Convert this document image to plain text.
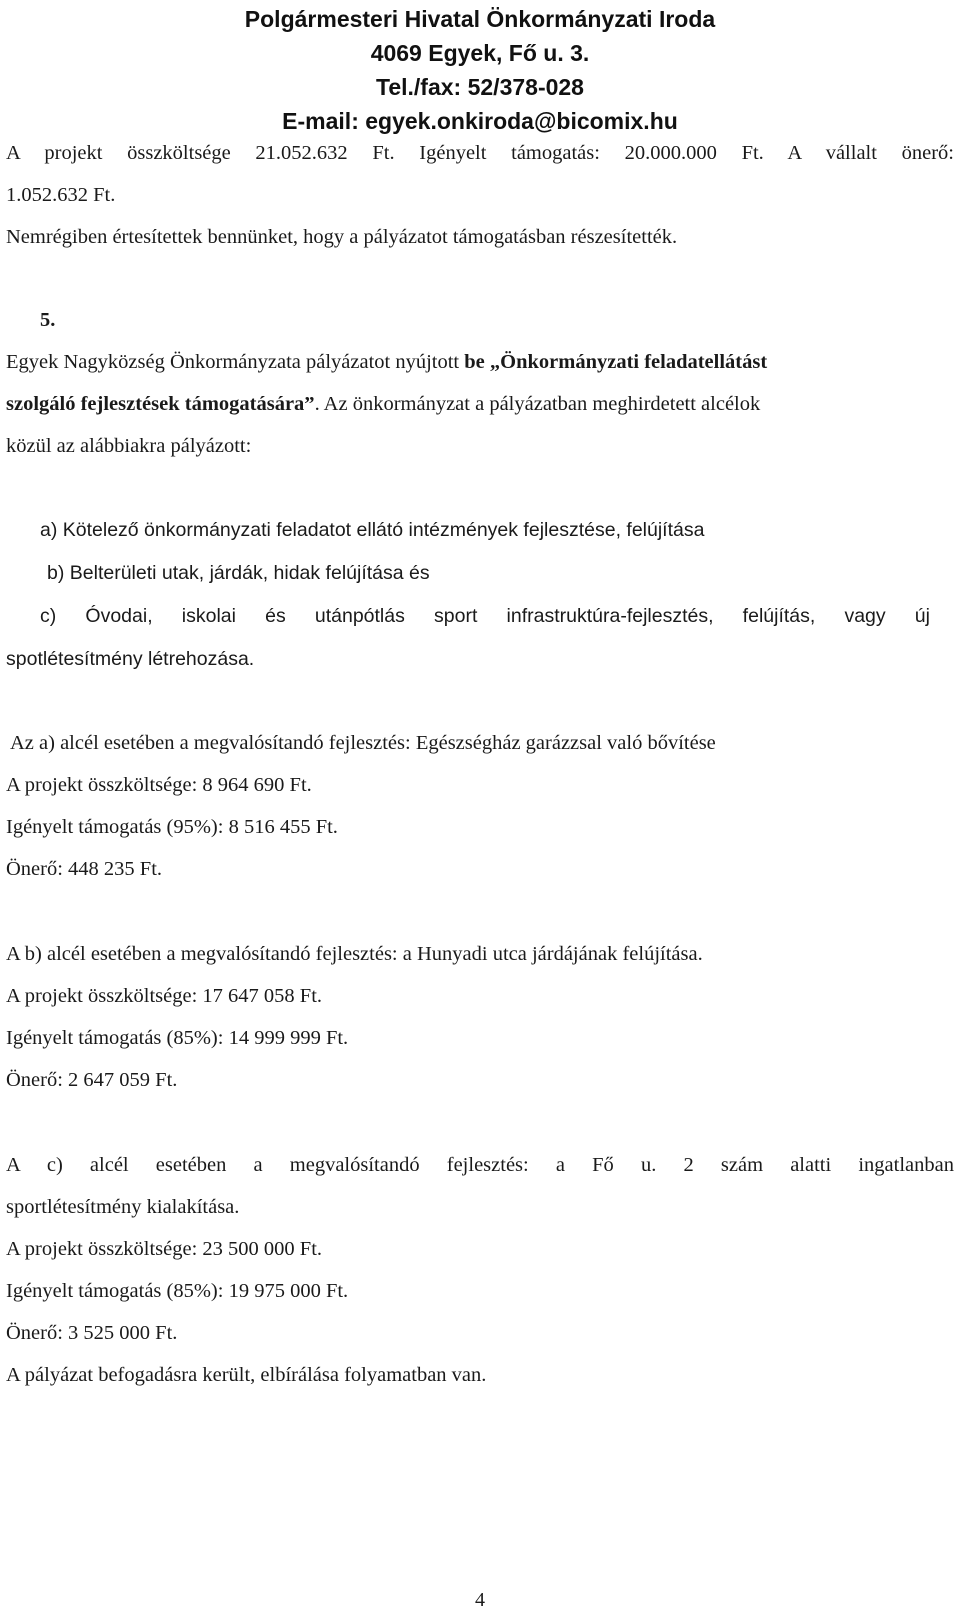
Polgármesteri Hivatal Önkormányzati Iroda
4069 Egyek, Fő u. 3.
Tel./fax: 52/378-028
E-mail: egyek.onkiroda@bicomix.hu
A projekt összköltsége 21.052.632 Ft. Igényelt támogatás: 20.000.000 Ft. A vállalt önerő:
1.052.632 Ft.
Nemrégiben értesítettek bennünket, hogy a pályázatot támogatásban részesítették.
5.
Egyek Nagyközség Önkormányzata pályázatot nyújtott be „Önkormányzati feladatellátást
szolgáló fejlesztések támogatására”. Az önkormányzat a pályázatban meghirdetett alcélok
közül az alábbiakra pályázott:
a) Kötelező önkormányzati feladatot ellátó intézmények fejlesztése, felújítása
b) Belterületi utak, járdák, hidak felújítása és
c) Óvodai, iskolai és utánpótlás sport infrastruktúra-fejlesztés, felújítás, vagy új
spotlétesítmény létrehozása.
Az a) alcél esetében a megvalósítandó fejlesztés: Egészségház garázzsal való bővítése
A projekt összköltsége: 8 964 690 Ft.
Igényelt támogatás (95%): 8 516 455 Ft.
Önerő: 448 235 Ft.
A b) alcél esetében a megvalósítandó fejlesztés: a Hunyadi utca járdájának felújítása.
A projekt összköltsége: 17 647 058 Ft.
Igényelt támogatás (85%): 14 999 999 Ft.
Önerő: 2 647 059 Ft.
A c) alcél esetében a megvalósítandó fejlesztés: a Fő u. 2 szám alatti ingatlanban
sportlétesítmény kialakítása.
A projekt összköltsége: 23 500 000 Ft.
Igényelt támogatás (85%): 19 975 000 Ft.
Önerő: 3 525 000 Ft.
A pályázat befogadásra került, elbírálása folyamatban van.
4
